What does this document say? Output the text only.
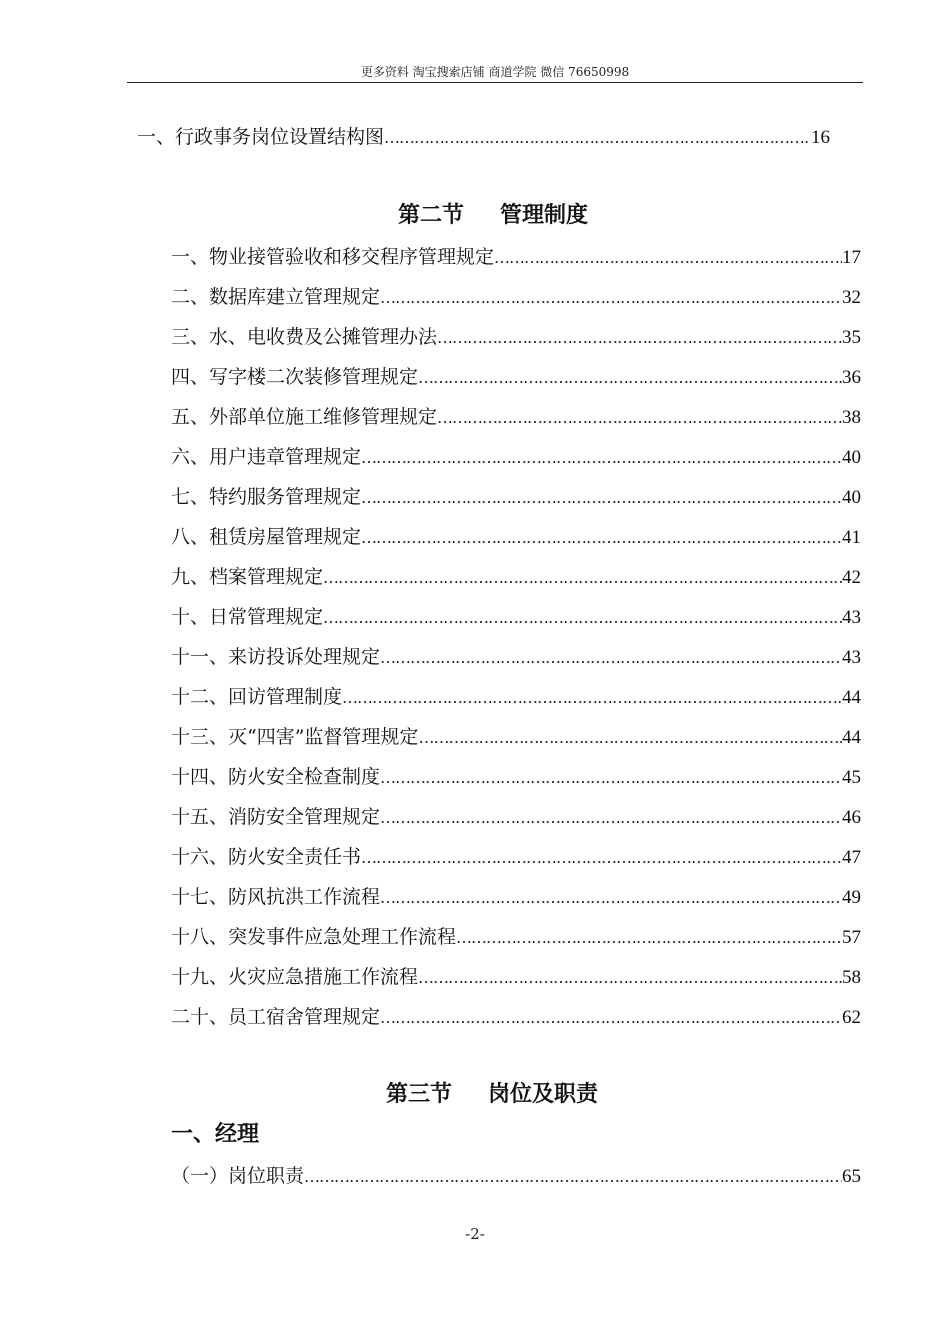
更多资料 淘宝搜索店铺 商道学院 微信 76650998
一、行政事务岗位设置结构图 ……………………………………………………………………………………………………………………………………………………………………………………	16
第二节 管理制度
一、物业接管验收和移交程序管理规定 ……………………………………………………………………………………………………………………………………………………………………………………	17
二、数据库建立管理规定 ……………………………………………………………………………………………………………………………………………………………………………………	32
三、水、电收费及公摊管理办法 ……………………………………………………………………………………………………………………………………………………………………………………	35
四、写字楼二次装修管理规定 ……………………………………………………………………………………………………………………………………………………………………………………	36
五、外部单位施工维修管理规定 ……………………………………………………………………………………………………………………………………………………………………………………	38
六、用户违章管理规定 ……………………………………………………………………………………………………………………………………………………………………………………	40
七、特约服务管理规定 ……………………………………………………………………………………………………………………………………………………………………………………	40
八、租赁房屋管理规定 ……………………………………………………………………………………………………………………………………………………………………………………	41
九、档案管理规定 ……………………………………………………………………………………………………………………………………………………………………………………	42
十、日常管理规定 ……………………………………………………………………………………………………………………………………………………………………………………	43
十一、来访投诉处理规定 ……………………………………………………………………………………………………………………………………………………………………………………	43
十二、回访管理制度 ……………………………………………………………………………………………………………………………………………………………………………………	44
十三、灭“四害”监督管理规定 ……………………………………………………………………………………………………………………………………………………………………………………	44
十四、防火安全检查制度 ……………………………………………………………………………………………………………………………………………………………………………………	45
十五、消防安全管理规定 ……………………………………………………………………………………………………………………………………………………………………………………	46
十六、防火安全责任书 ……………………………………………………………………………………………………………………………………………………………………………………	47
十七、防风抗洪工作流程 ……………………………………………………………………………………………………………………………………………………………………………………	49
十八、突发事件应急处理工作流程 ……………………………………………………………………………………………………………………………………………………………………………………	57
十九、火灾应急措施工作流程 ……………………………………………………………………………………………………………………………………………………………………………………	58
二十、员工宿舍管理规定 ……………………………………………………………………………………………………………………………………………………………………………………	62
第三节 岗位及职责
一、经理
（一）岗位职责 ……………………………………………………………………………………………………………………………………………………………………………………	65
-2-
